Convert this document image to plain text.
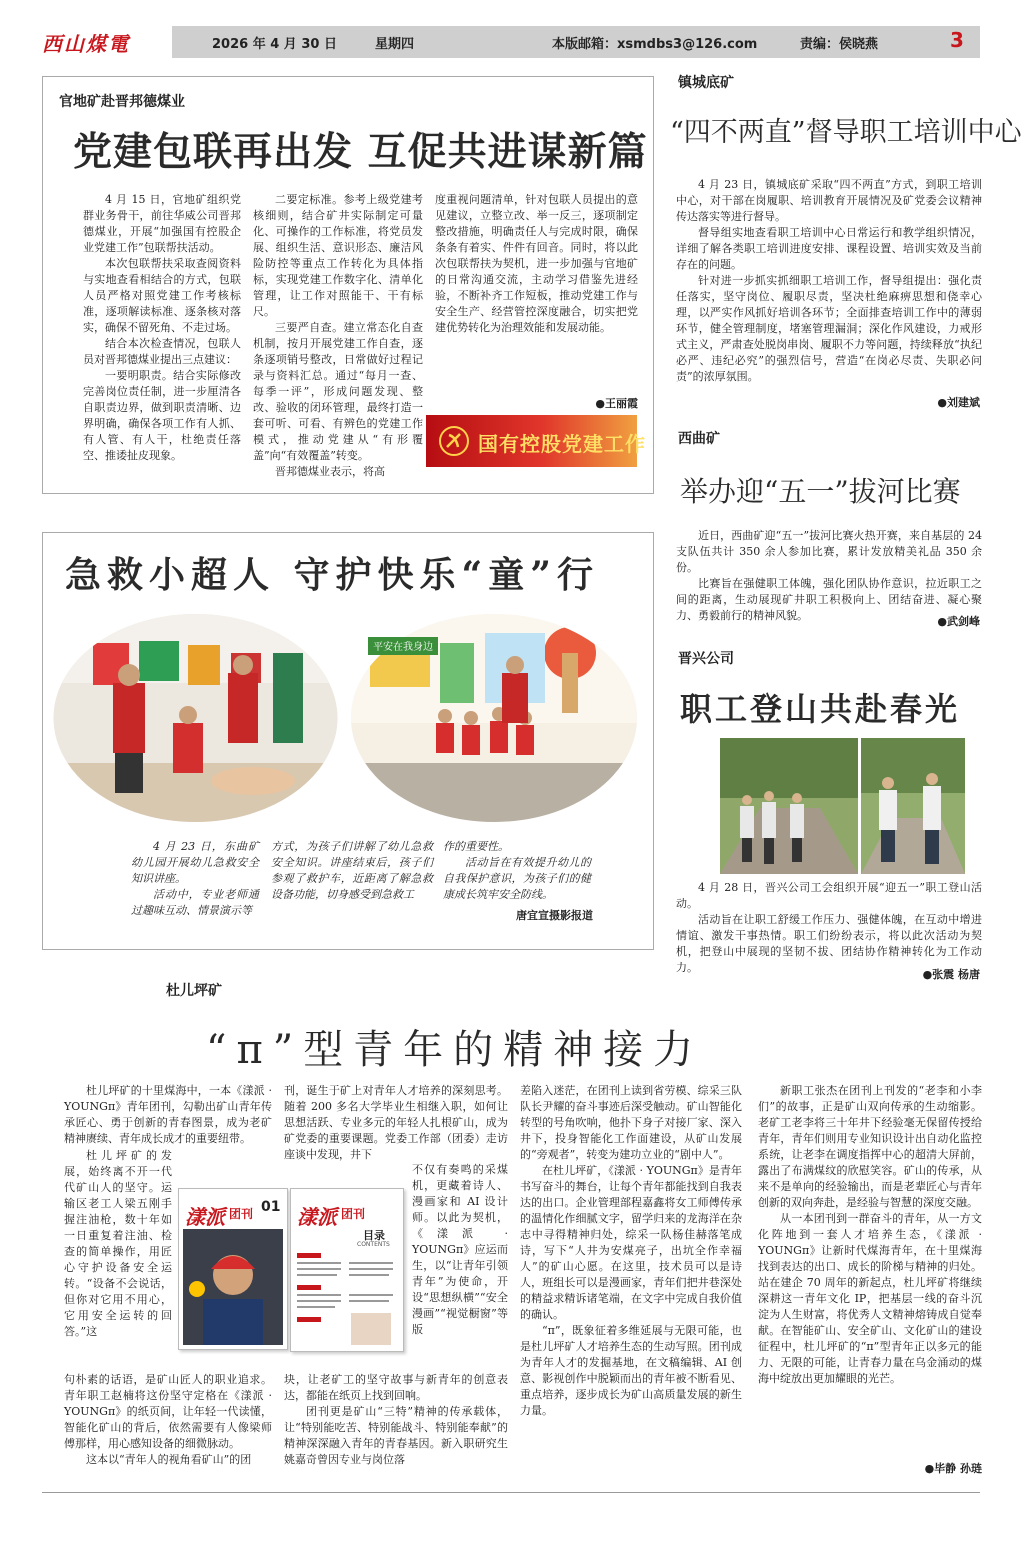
西山煤電	2026 年 4 月 30 日	星期四	本版邮箱：xsmdbs3@126.com	责编：侯晓燕	3
官地矿赴晋邦德煤业
党建包联再出发 互促共进谋新篇

4 月 15 日，官地矿组织党群业务骨干，前往华威公司晋邦德煤业，开展“加强国有控股企业党建工作”包联帮扶活动。

本次包联帮扶采取查阅资料与实地查看相结合的方式，包联人员严格对照党建工作考核标准，逐项解读标准、逐条核对落实，确保不留死角、不走过场。

结合本次检查情况，包联人员对晋邦德煤业提出三点建议：

一要明职责。结合实际修改完善岗位责任制，进一步厘清各自职责边界，做到职责清晰、边界明确，确保各项工作有人抓、有人管、有人干，杜绝责任落空、推诿扯皮现象。

二要定标准。参考上级党建考核细则，结合矿井实际制定可量化、可操作的工作标准，将党员发展、组织生活、意识形态、廉洁风险防控等重点工作转化为具体指标，实现党建工作数字化、清单化管理，让工作对照能干、干有标尺。

三要严自查。建立常态化自查机制，按月开展党建工作自查，逐条逐项销号整改，日常做好过程记录与资料汇总。通过“每月一查、每季一评”，形成问题发现、整改、验收的闭环管理，最终打造一套可听、可看、有辨色的党建工作模式，推动党建从“有形覆盖”向“有效覆盖”转变。

晋邦德煤业表示，将高

度重视问题清单，针对包联人员提出的意见建议，立整立改、举一反三，逐项制定整改措施，明确责任人与完成时限，确保条条有着实、件件有回音。同时，将以此次包联帮扶为契机，进一步加强与官地矿的日常沟通交流，主动学习借鉴先进经验，不断补齐工作短板，推动党建工作与安全生产、经营管控深度融合，切实把党建优势转化为治理效能和发展动能。

●王丽霞
国有控股党建工作
镇城底矿
“四不两直”督导职工培训中心

4 月 23 日，镇城底矿采取“四不两直”方式，到职工培训中心，对干部在岗履职、培训教育开展情况及矿党委会议精神传达落实等进行督导。

督导组实地查看职工培训中心日常运行和教学组织情况，详细了解各类职工培训进度安排、课程设置、培训实效及当前存在的问题。

针对进一步抓实抓细职工培训工作，督导组提出：强化责任落实，坚守岗位、履职尽责，坚决杜绝麻痹思想和侥幸心理，以严实作风抓好培训各环节；全面排查培训工作中的薄弱环节，健全管理制度，堵塞管理漏洞；深化作风建设，力戒形式主义，严肃查处脱岗串岗、履职不力等问题，持续释放“执纪必严、违纪必究”的强烈信号，营造“在岗必尽责、失职必问责”的浓厚氛围。

●刘建斌
西曲矿
举办迎“五一”拔河比赛

近日，西曲矿迎“五一”拔河比赛火热开赛，来自基层的 24 支队伍共计 350 余人参加比赛，累计发放精美礼品 350 余份。

比赛旨在强健职工体魄，强化团队协作意识，拉近职工之间的距离，生动展现矿井职工积极向上、团结奋进、凝心聚力、勇毅前行的精神风貌。	●武剑峰
晋兴公司
职工登山共赴春光

4 月 28 日，晋兴公司工会组织开展“迎五一”职工登山活动。

活动旨在让职工舒缓工作压力、强健体魄，在互动中增进情谊、激发干事热情。职工们纷纷表示，将以此次活动为契机，把登山中展现的坚韧不拔、团结协作精神转化为工作动力。

●张震 杨唐
急救小超人 守护快乐“童”行
平安在我身边

4 月 23 日，东曲矿幼儿园开展幼儿急救安全知识讲座。

活动中，专业老师通过趣味互动、情景演示等

方式，为孩子们讲解了幼儿急救安全知识。讲座结束后，孩子们参观了救护车，近距离了解急救设备功能，切身感受到急救工

作的重要性。

活动旨在有效提升幼儿的自我保护意识，为孩子们的健康成长筑牢安全防线。

唐宜宣摄影报道
杜儿坪矿
“π”型青年的精神接力

杜儿坪矿的十里煤海中，一本《漾派 · YOUNGπ》青年团刊，勾勒出矿山青年传承匠心、勇于创新的青春图景，成为老矿精神赓续、青年成长成才的重要纽带。

杜儿坪矿的发展，始终离不开一代代矿山人的坚守。运输区老工人梁五刚手握注油枪，数十年如一日重复着注油、检查的简单操作，用匠心守护设备安全运转。“设备不会说话，但你对它用不用心，它用安全运转的回答。”这

句朴素的话语，是矿山匠人的职业追求。青年职工赵楠将这份坚守定格在《漾派 · YOUNGπ》的纸页间，让年轻一代读懂，智能化矿山的背后，依然需要有人像梁师傅那样，用心感知设备的细微脉动。

这本以“青年人的视角看矿山”的团

刊，诞生于矿上对青年人才培养的深刻思考。随着 200 多名大学毕业生相继入职，如何让思想活跃、专业多元的年轻人扎根矿山，成为矿党委的重要课题。党委工作部（团委）走访座谈中发现，井下

不仅有奏鸣的采煤机，更藏着诗人、漫画家和 AI 设计师。以此为契机，《漾派 · YOUNGπ》应运而生，以“让青年引领青年”为使命，开设“思想纵横”“安全漫画”“视觉橱窗”等版

块，让老矿工的坚守故事与新青年的创意表达，都能在纸页上找到回响。

团刊更是矿山“三特”精神的传承载体，让“特别能吃苦、特别能战斗、特别能奉献”的精神深深融入青年的青春基因。新入职研究生姚嘉奇曾因专业与岗位落

漾派 团刊 01 漾派 团刊
目录
CONTENTS

差陷入迷茫，在团刊上读到省劳模、综采三队队长尹耀的奋斗事迹后深受触动。矿山智能化转型的号角吹响，他扑下身子对接厂家、深入井下，投身智能化工作面建设，从矿山发展的“旁观者”，转变为建功立业的“剧中人”。

在杜儿坪矿，《漾派 · YOUNGπ》是青年书写奋斗的舞台，让每个青年都能找到自我表达的出口。企业管理部程嘉鑫将女工师傅传承的温情化作细腻文字，留学归来的龙海洋在杂志中寻得精神归处，综采一队杨佳赫落笔成诗，写下“人井为安煤亮子，出坑全作幸福人”的矿山心愿。在这里，技术员可以是诗人，班组长可以是漫画家，青年们把井巷深处的精益求精诉诸笔端，在文字中完成自我价值的确认。

“π”，既象征着多维延展与无限可能，也是杜儿坪矿人才培养生态的生动写照。团刊成为青年人才的发掘基地，在文稿编辑、AI 创意、影视创作中脱颖而出的青年被不断看见、重点培养，逐步成长为矿山高质量发展的新生力量。

新职工张杰在团刊上刊发的“老李和小李们”的故事，正是矿山双向传承的生动缩影。老矿工老李将三十年井下经验毫无保留传授给青年，青年们则用专业知识设计出自动化监控系统，让老李在调度指挥中心的超清大屏前，露出了布满煤纹的欣慰笑容。矿山的传承，从来不是单向的经验输出，而是老辈匠心与青年创新的双向奔赴，是经验与智慧的深度交融。

从一本团刊到一群奋斗的青年，从一方文化阵地到一套人才培养生态，《漾派 · YOUNGπ》让新时代煤海青年，在十里煤海找到表达的出口、成长的阶梯与精神的归处。站在建企 70 周年的新起点，杜儿坪矿将继续深耕这一青年文化 IP，把基层一线的奋斗沉淀为人生财富，将优秀人文精神熔铸成自觉奉献。在智能矿山、安全矿山、文化矿山的建设征程中，杜儿坪矿的“π”型青年正以多元的能力、无限的可能，让青春力量在乌金涌动的煤海中绽放出更加耀眼的光芒。

●毕静 孙琏
